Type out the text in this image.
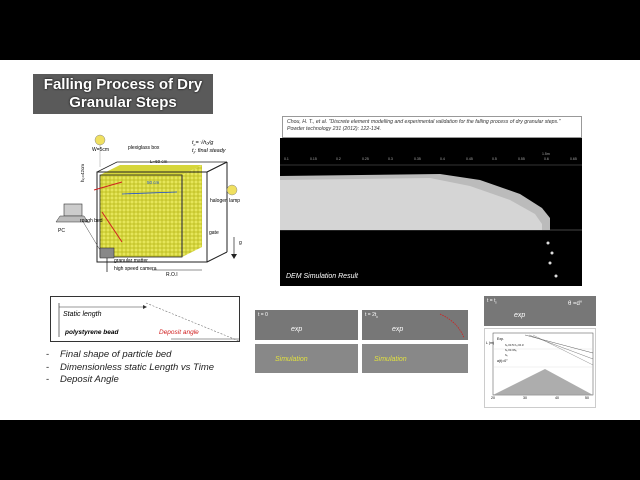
Falling Process of Dry
Granular Steps
W=5cm	plexiglass box
$t_c= √h_0/g$
$t_f$: final steady
L=60 cm
50 cm
h₀=42cm
halogen lamp
rough bed
PC	gate
g
granular matter
high speed camera
R.O.I
Static length
polystyrene bead	Deposit angle
- Final shape of particle bed
- Dimensionless static Length vs Time
- Deposit Angle
Chou, H. T., et al. "Discrete element modelling and experimental validation for the falling process of dry granular steps." Powder technology 231 (2012): 122-134.
0.1	0.15	0.2	0.25	0.3	0.35	0.4	0.45	0.5	0.55	0.6	0.65
DEM Simulation Result
1.5m
t = 0
exp
$t = 2t_c$
exp
Simulation	Simulation
$t = t_f$
exp
θ =d°
L (m)
Exp.
h₀=0.5 h₀=0.3
h₀=0.3h₀
h₀
a(t)=0°
20	30	40	50
